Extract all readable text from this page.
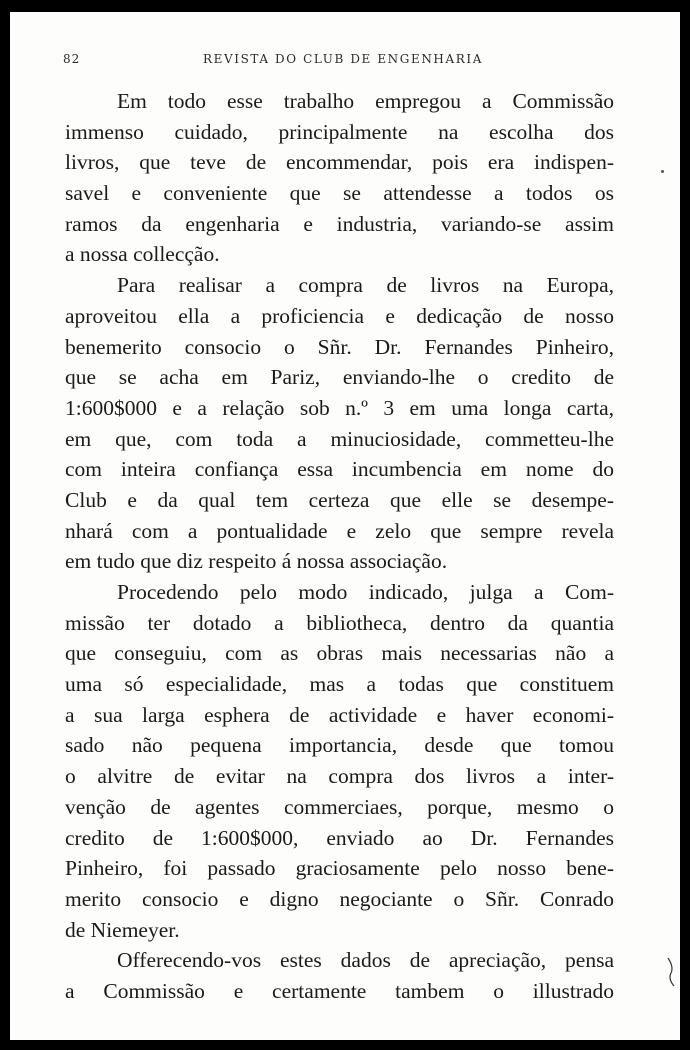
82	REVISTA DO CLUB DE ENGENHARIA

Em todo esse trabalho empregou a Commissão
immenso cuidado, principalmente na escolha dos
livros, que teve de encommendar, pois era indispen-
savel e conveniente que se attendesse a todos os
ramos da engenharia e industria, variando-se assim
a nossa collecção.

Para realisar a compra de livros na Europa,
aproveitou ella a proficiencia e dedicação de nosso
benemerito consocio o Sñr. Dr. Fernandes Pinheiro,
que se acha em Pariz, enviando-lhe o credito de
1:600$000 e a relação sob n.º 3 em uma longa carta,
em que, com toda a minuciosidade, commetteu-lhe
com inteira confiança essa incumbencia em nome do
Club e da qual tem certeza que elle se desempe-
nhará com a pontualidade e zelo que sempre revela
em tudo que diz respeito á nossa associação.

Procedendo pelo modo indicado, julga a Com-
missão ter dotado a bibliotheca, dentro da quantia
que conseguiu, com as obras mais necessarias não a
uma só especialidade, mas a todas que constituem
a sua larga esphera de actividade e haver economi-
sado não pequena importancia, desde que tomou
o alvitre de evitar na compra dos livros a inter-
venção de agentes commerciaes, porque, mesmo o
credito de 1:600$000, enviado ao Dr. Fernandes
Pinheiro, foi passado graciosamente pelo nosso bene-
merito consocio e digno negociante o Sñr. Conrado
de Niemeyer.

Offerecendo-vos estes dados de apreciação, pensa
a Commissão e certamente tambem o illustrado
